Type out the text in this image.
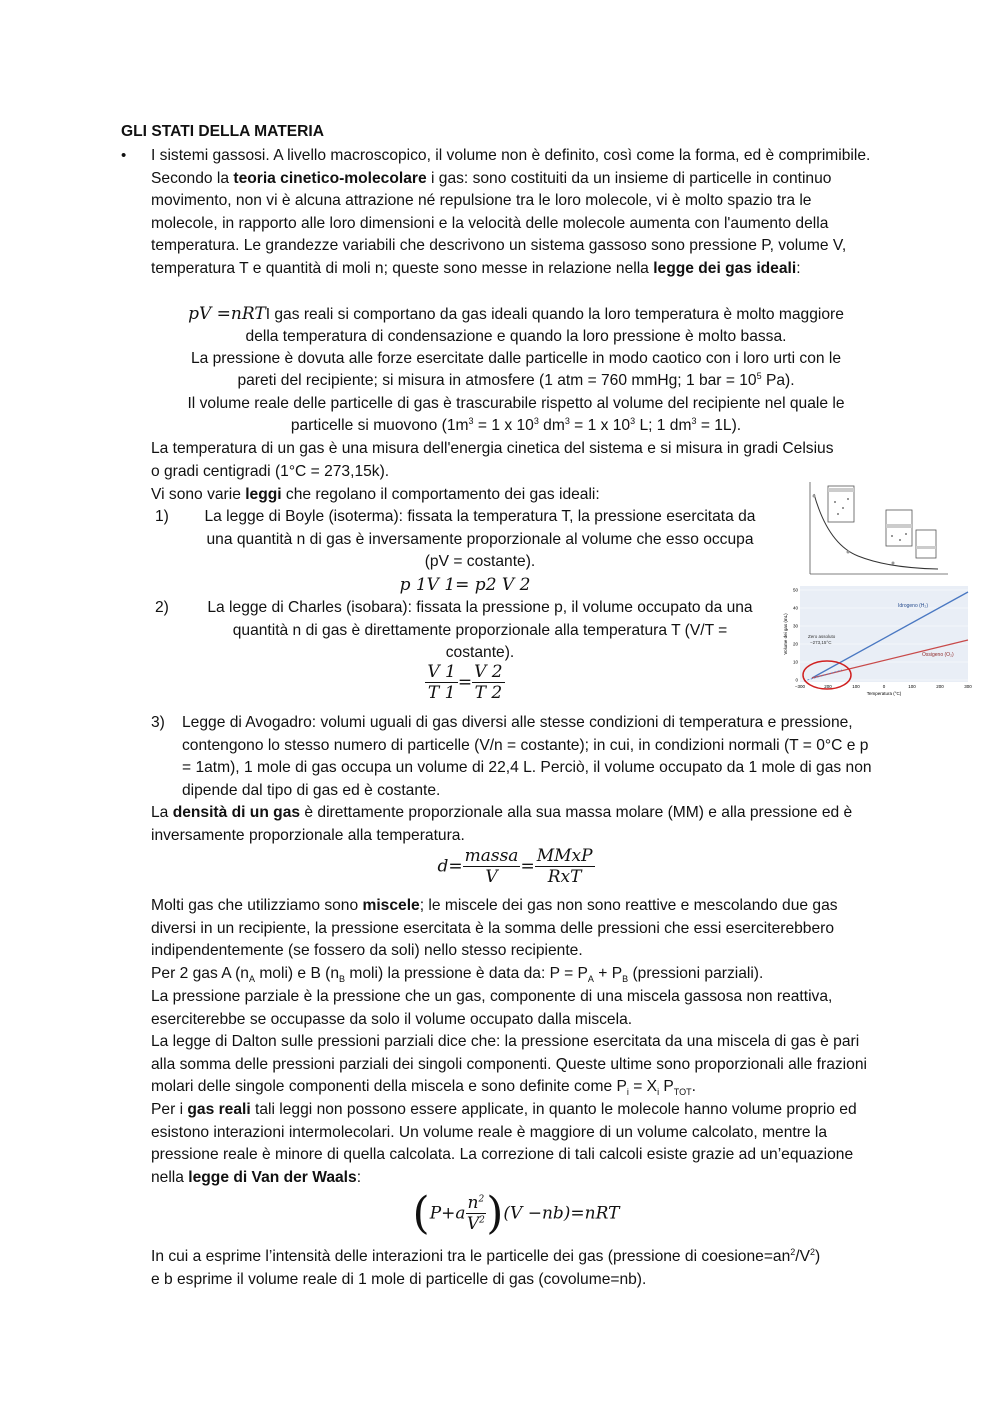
GLI STATI DELLA MATERIA
• I sistemi gassosi. A livello macroscopico, il volume non è definito, così come la forma, ed è comprimibile. Secondo la teoria cinetico-molecolare i gas: sono costituiti da un insieme di particelle in continuo movimento, non vi è alcuna attrazione né repulsione tra le loro molecole, vi è molto spazio tra le molecole, in rapporto alle loro dimensioni e la velocità delle molecole aumenta con l'aumento della temperatura. Le grandezze variabili che descrivono un sistema gassoso sono pressione P, volume V, temperatura T e quantità di moli n; queste sono messe in relazione nella legge dei gas ideali:
pV =nRTI gas reali si comportano da gas ideali quando la loro temperatura è molto maggiore
della temperatura di condensazione e quando la loro pressione è molto bassa.
La pressione è dovuta alle forze esercitate dalle particelle in modo caotico con i loro urti con le
pareti del recipiente; si misura in atmosfere (1 atm = 760 mmHg; 1 bar = $10^5$ Pa).
Il volume reale delle particelle di gas è trascurabile rispetto al volume del recipiente nel quale le
particelle si muovono ($1m^3 = 1$ x $10^3$ $dm^3 = 1$ x $10^3$ L; 1 $dm^3 = 1L$).
La temperatura di un gas è una misura dell'energia cinetica del sistema e si misura in gradi Celsius o gradi centigradi (1°C = 273,15k).
Vi sono varie leggi che regolano il comportamento dei gas ideali:
1)	La legge di Boyle (isoterma): fissata la temperatura T, la pressione esercitata da
una quantità n di gas è inversamente proporzionale al volume che esso occupa
(pV = costante).
p 1V 1= p2 V 2
2)	La legge di Charles (isobara): fissata la pressione p, il volume occupato da una
quantità n di gas è direttamente proporzionale alla temperatura T (V/T =
costante).
$\frac{V 1}{T 1} = \frac{V 2}{T 2}$
3) Legge di Avogadro: volumi uguali di gas diversi alle stesse condizioni di temperatura e pressione, contengono lo stesso numero di particelle (V/n = costante); in cui, in condizioni normali (T = 0°C e p = 1atm), 1 mole di gas occupa un volume di 22,4 L. Perciò, il volume occupato da 1 mole di gas non dipende dal tipo di gas ed è costante.
La densità di un gas è direttamente proporzionale alla sua massa molare (MM) e alla pressione ed è inversamente proporzionale alla temperatura.
$d= \frac{\text{massa}}{V} = \frac{\text{MMxP}}{\text{RxT}}$
Molti gas che utilizziamo sono miscele; le miscele dei gas non sono reattive e mescolando due gas diversi in un recipiente, la pressione esercitata è la somma delle pressioni che essi eserciterebbero indipendentemente (se fossero da soli) nello stesso recipiente.
Per 2 gas A ($n_A$ moli) e B ($n_B$ moli) la pressione è data da: $P = P_A + P_B$ (pressioni parziali).
La pressione parziale è la pressione che un gas, componente di una miscela gassosa non reattiva, eserciterebbe se occupasse da solo il volume occupato dalla miscela.
La legge di Dalton sulle pressioni parziali dice che: la pressione esercitata da una miscela di gas è pari alla somma delle pressioni parziali dei singoli componenti. Queste ultime sono proporzionali alle frazioni molari delle singole componenti della miscela e sono definite come $P_i = X_i$ $P_{TOT}$.
Per i gas reali tali leggi non possono essere applicate, in quanto le molecole hanno volume proprio ed esistono interazioni intermolecolari. Un volume reale è maggiore di un volume calcolato, mentre la pressione reale è minore di quella calcolata. La correzione di tali calcoli esiste grazie ad un’equazione nella legge di Van der Waals:
$(P+a \frac{n^2}{V^2} )(V -nb)=nRT$
In cui a esprime l’intensità delle interazioni tra le particelle dei gas (pressione di $coesione=an^2/V^2$)
e b esprime il volume reale di 1 mole di particelle di gas (covolume=nb).
50
40
30
20
10
0
−300	200	100	0	100	200	300
Volume dei gas (mL)
Temperatura (°C)
Idrogeno (H₂)
Ossigeno (O₂)
Zero assoluto
−273,15°C
